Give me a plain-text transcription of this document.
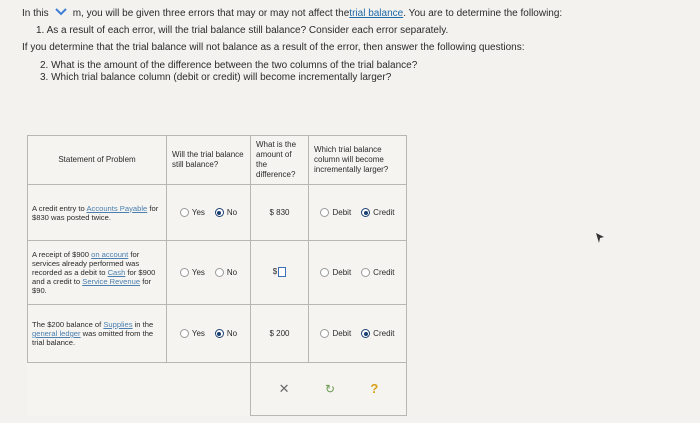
In this m, you will be given three errors that may or may not affect the trial balance . You are to determine the following:
1. As a result of each error, will the trial balance still balance? Consider each error separately.
If you determine that the trial balance will not balance as a result of the error, then answer the following questions:
2. What is the amount of the difference between the two columns of the trial balance?
3. Which trial balance column (debit or credit) will become incrementally larger?
Statement of Problem	Will the trial balance still balance?	What is the amount of the difference?	Which trial balance column will become incrementally larger?
A credit entry to Accounts Payable for $830 was posted twice.	Yes No	$ 830	Debit Credit

A receipt of $900 on account for services already performed was recorded as a debit to Cash for $900 and a credit to Service Revenue for $90.	Yes No	$	Debit Credit

The $200 balance of Supplies in the general ledger was omitted from the trial balance.	Yes No	$ 200	Debit Credit

		✕ ↻ ?	
